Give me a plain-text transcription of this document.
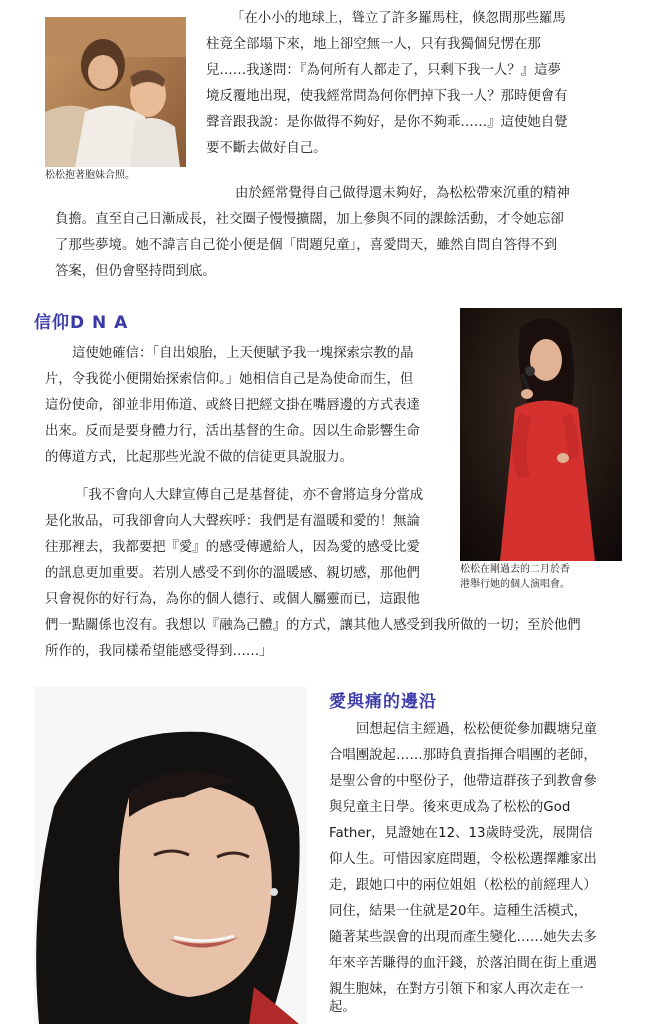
松松抱著胞妹合照。
「在小小的地球上，聳立了許多羅馬柱，倏忽間那些羅馬
柱竟全部塌下來，地上卻空無一人，只有我獨個兒愣在那
兒……我遂問：『為何所有人都走了，只剩下我一人？』這夢
境反覆地出現，使我經常問為何你們掉下我一人？那時便會有
聲音跟我說：是你做得不夠好，是你不夠乖……』這使她自覺
要不斷去做好自己。
由於經常覺得自己做得還未夠好，為松松帶來沉重的精神
負擔。直至自己日漸成長，社交圈子慢慢擴闊，加上參與不同的課餘活動，才令她忘卻
了那些夢境。她不諱言自己從小便是個「問題兒童」，喜愛問天，雖然自問自答得不到
答案，但仍會堅持問到底。
信仰D N A
這使她確信：「自出娘胎，上天便賦予我一塊探索宗教的晶
片，令我從小便開始探索信仰。」她相信自己是為使命而生，但
這份使命，卻並非用佈道、或終日把經文掛在嘴唇邊的方式表達
出來。反而是要身體力行，活出基督的生命。因以生命影響生命
的傳道方式，比起那些光說不做的信徒更具說服力。
「我不會向人大肆宣傳自己是基督徒，亦不會將這身分當成
是化妝品，可我卻會向人大聲疾呼：我們是有溫暖和愛的！無論
往那裡去，我都要把『愛』的感受傳遞給人，因為愛的感受比愛
的訊息更加重要。若別人感受不到你的溫暖感、親切感，那他們
只會視你的好行為，為你的個人德行、或個人屬靈而已，這跟他
們一點關係也沒有。我想以『融為己體』的方式，讓其他人感受到我所做的一切；至於他們
所作的，我同樣希望能感受得到……」
松松在剛過去的二月於香
港舉行她的個人演唱會。
愛與痛的邊沿
回想起信主經過，松松便從參加觀塘兒童
合唱團說起……那時負責指揮合唱團的老師，
是聖公會的中堅份子，他帶這群孩子到教會參
與兒童主日學。後來更成為了松松的God
Father，見證她在12、13歲時受洗，展開信
仰人生。可惜因家庭問題，令松松選擇離家出
走，跟她口中的兩位姐姐（松松的前經理人）
同住，結果一住就是20年。這種生活模式，
隨著某些誤會的出現而產生變化……她失去多
年來辛苦賺得的血汗錢，於落泊間在街上重遇
親生胞妹，在對方引領下和家人再次走在一
起。
